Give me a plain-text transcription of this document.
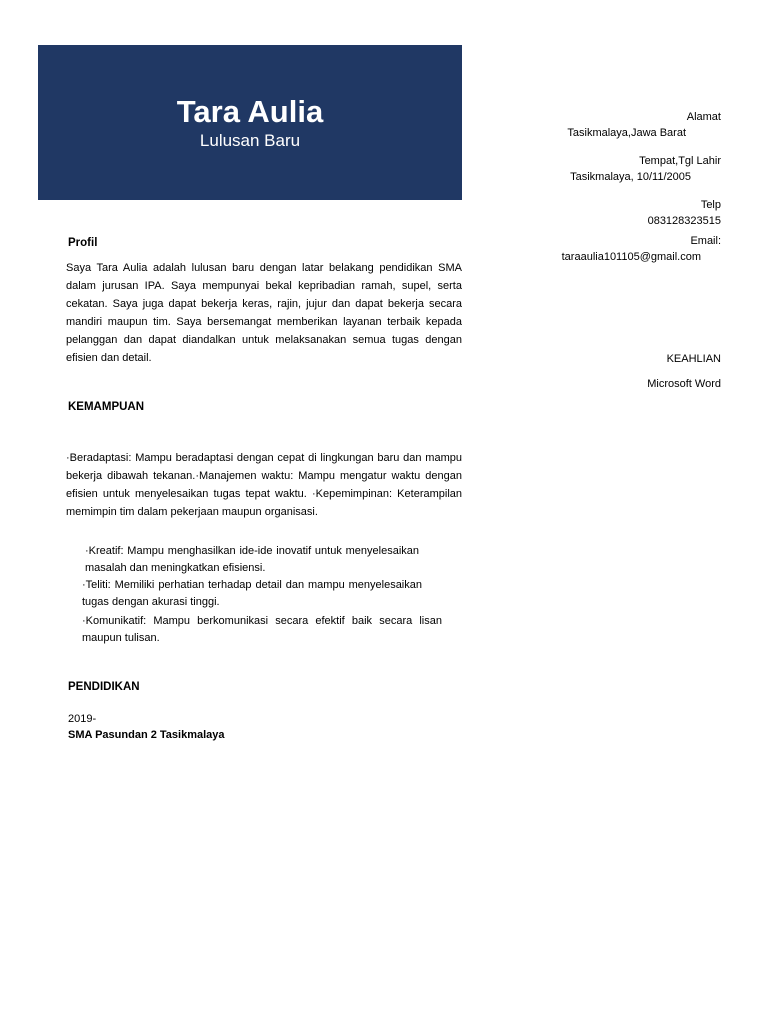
Tara Aulia
Lulusan Baru
Alamat
Tasikmalaya,Jawa Barat
Tempat,Tgl Lahir
Tasikmalaya, 10/11/2005
Telp
083128323515
Email:
taraaulia101105@gmail.com
KEAHLIAN
Microsoft Word
Profil
Saya Tara Aulia adalah lulusan baru dengan latar belakang pendidikan SMA dalam jurusan IPA. Saya mempunyai bekal kepribadian ramah, supel, serta cekatan. Saya juga dapat bekerja keras, rajin, jujur dan dapat bekerja secara mandiri maupun tim. Saya bersemangat memberikan layanan terbaik kepada pelanggan dan dapat diandalkan untuk melaksanakan semua tugas dengan efisien dan detail.
KEMAMPUAN
·Beradaptasi: Mampu beradaptasi dengan cepat di lingkungan baru dan mampu bekerja dibawah tekanan.·Manajemen waktu: Mampu mengatur waktu dengan efisien untuk menyelesaikan tugas tepat waktu. ·Kepemimpinan: Keterampilan memimpin tim dalam pekerjaan maupun organisasi.
·Kreatif: Mampu menghasilkan ide-ide inovatif untuk menyelesaikan masalah dan meningkatkan efisiensi.
·Teliti: Memiliki perhatian terhadap detail dan mampu menyelesaikan tugas dengan akurasi tinggi.
·Komunikatif: Mampu berkomunikasi secara efektif baik secara lisan maupun tulisan.
PENDIDIKAN
2019-
SMA Pasundan 2 Tasikmalaya
